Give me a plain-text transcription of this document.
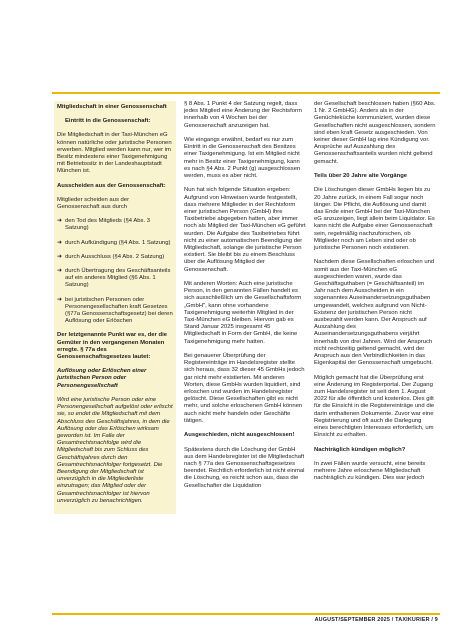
Mitgliedschaft in einer Genossenschaft

Eintritt in die Genossenschaft:

Die Mitgliedschaft in der Taxi-München eG können natürliche oder juristische Personen erwerben. Mitglied werden kann nur, wer im Besitz mindestens einer Taxigenehmigung mit Betriebssitz in der Landeshauptstadt München ist.

Ausscheiden aus der Genossenschaft:

Mitglieder scheiden aus der Genossenschaft aus durch

➜ den Tod des Mitglieds (§4 Abs. 3 Satzung)
➜ durch Aufkündigung (§4 Abs. 1 Satzung)
➜ durch Ausschluss (§4 Abs. 2 Satzung)
➜ durch Übertragung des Geschäftsanteils auf ein anderes Mitglied (§6 Abs. 1 Satzung)
➜ bei juristischen Personen oder Personengesellschaften kraft Gesetzes (§77a Genossenschaftsgesetz) bei deren Auflösung oder Erlöschen

Der letztgenannte Punkt war es, der die Gemüter in den vergangenen Monaten erregte. § 77a des Genossenschaftsgesetzes lautet:

Auflösung oder Erlöschen einer juristischen Person oder Personengesellschaft

Wird eine juristische Person oder eine Personengesellschaft aufgelöst oder erlischt sie, so endet die Mitgliedschaft mit dem Abschluss des Geschäftsjahres, in dem die Auflösung oder das Erlöschen wirksam geworden ist. Im Falle der Gesamtrechtsnachfolge wird die Mitgliedschaft bis zum Schluss des Geschäftsjahres durch den Gesamtrechtsnachfolger fortgesetzt. Die Beendigung der Mitgliedschaft ist unverzüglich in die Mitgliederliste einzutragen; das Mitglied oder der Gesamtrechtsnachfolger ist hiervon unverzüglich zu benachrichtigen.

§ 8 Abs. 1 Punkt 4 der Satzung regelt, dass jedes Mitglied eine Änderung der Rechtsform innerhalb von 4 Wochen bei der Genossenschaft anzuzeigen hat.

Wie eingangs erwähnt, bedarf es nur zum Eintritt in die Genossenschaft des Besitzes einer Taxigenehmigung. Ist ein Mitglied nicht mehr in Besitz einer Taxigenehmigung, kann es nach §4 Abs. 2 Punkt (g) ausgeschlossen werden, muss es aber nicht.

Nun hat sich folgende Situation ergeben: Aufgrund von Hinweisen wurde festgestellt, dass mehrere Mitglieder in der Rechtsform einer juristischen Person (GmbH) ihre Taxibetriebe abgegeben hatten, aber immer noch als Mitglied der Taxi-München eG geführt wurden. Die Aufgabe des Taxibetriebes führt nicht zu einer automatischen Beendigung der Mitgliedschaft, solange die juristische Person existiert. Sie bleibt bis zu einem Beschluss über die Auflösung Mitglied der Genossenschaft.

Mit anderen Worten: Auch eine juristische Person, in den genannten Fällen handelt es sich ausschließlich um die Gesellschaftsform „GmbH", kann ohne vorhandene Taxigenehmigung weiterhin Mitglied in der Taxi-München eG bleiben. Hiervon gab es Stand Januar 2025 insgesamt 45 Mitgliedschaft in Form der GmbH, die keine Taxigenehmigung mehr hatten.

Bei genauerer Überprüfung der Registereinträge im Handelsregister stellte sich heraus, dass 32 dieser 45 GmbHs jedoch gar nicht mehr existierten. Mit anderen Worten, diese GmbHs wurden liquidiert, sind erloschen und wurden im Handelsregister gelöscht. Diese Gesellschaften gibt es nicht mehr, und solche erloschenen GmbH können auch nicht mehr handeln oder Geschäfte tätigen.

Ausgeschieden, nicht ausgeschlossen!

Spätestens durch die Löschung der GmbH aus dem Handelsregister ist die Mitgliedschaft nach § 77a des Genossenschaftsgesetzes beendet. Rechtlich erforderlich ist nicht einmal die Löschung, es reicht schon aus, dass die Gesellschafter die Liquidation

der Gesellschaft beschlossen haben (§60 Abs. 1 Nr. 2 GmbHG). Anders als in der Genüchteküche kommuniziert, wurden diese Gesellschaften nicht ausgeschlossen, sondern sind eben kraft Gesetz ausgeschieden. Von keiner dieser GmbH lag eine Kündigung vor. Ansprüche auf Auszahlung des Genossenschaftsanteils wurden nicht geltend gemacht.

Teils über 20 Jahre alte Vorgänge

Die Löschungen dieser GmbHs liegen bis zu 20 Jahre zurück, in einem Fall sogar noch länger. Die Pflicht, die Auflösung und damit das Ende einer GmbH bei der Taxi-München eG anzuzeigen, liegt allein beim Liquidator. Es kann nicht die Aufgabe einer Genossenschaft sein, regelmäßig nachzuforschen, ob Mitglieder noch am Leben sind oder ob juristische Personen noch existieren.

Nachdem diese Gesellschaften erloschen und somit aus der Taxi-München eG ausgeschieden waren, wurde das Geschäftsguthaben (= Geschäftsanteil) im Jahr nach dem Ausscheiden in ein sogenanntes Auseinandersetzungsguthaben umgewandelt, welches aufgrund von Nicht-Existenz der juristischen Person nicht ausbezahlt werden kann. Der Anspruch auf Auszahlung des Auseinandersetzungsguthabens verjährt innerhalb von drei Jahren. Wird der Anspruch nicht rechtzeitig geltend gemacht, wird der Anspruch aus den Verbindlichkeiten in das Eigenkapital der Genossenschaft umgebucht.

Möglich gemacht hat die Überprüfung erst eine Änderung im Registerportal. Der Zugang zum Handelsregister ist seit dem 1. August 2022 für alle öffentlich und kostenlos. Dies gilt für die Einsicht in die Registereinträge und die darin enthaltenen Dokumente. Zuvor war eine Registrierung und oft auch die Darlegung eines berechtigten Interesses erforderlich, um Einsicht zu erhalten.

Nachträglich kündigen möglich?

In zwei Fällen wurde versucht, eine bereits mehrere Jahre erloschene Mitgliedschaft nachträglich zu kündigen. Dies war jedoch

AUGUST/SEPTEMBER 2025 / TAXIKURIER / 9
